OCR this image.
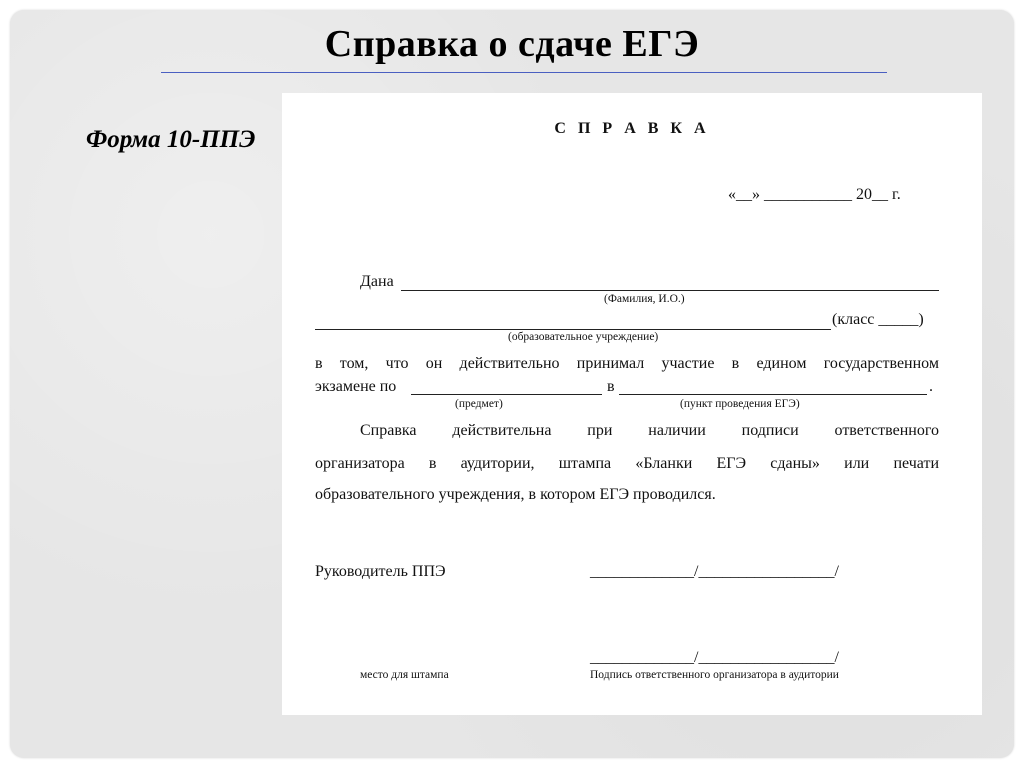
Справка о сдаче ЕГЭ
Форма 10-ППЭ	С П Р А В К А
«__» ___________ 20__ г.
Дана
(Фамилия, И.О.)
(класс _____)
(образовательное учреждение)
в том, что он действительно принимал участие в едином государственном
экзамене по	в	.
(предмет)	(пункт проведения ЕГЭ)
Справка действительна при наличии подписи ответственного
организатора в аудитории, штампа «Бланки ЕГЭ сданы» или печати
образовательного учреждения, в котором ЕГЭ проводился.
Руководитель ППЭ	_____________/_________________/
_____________/_________________/
место для штампа	Подпись ответственного организатора в аудитории
